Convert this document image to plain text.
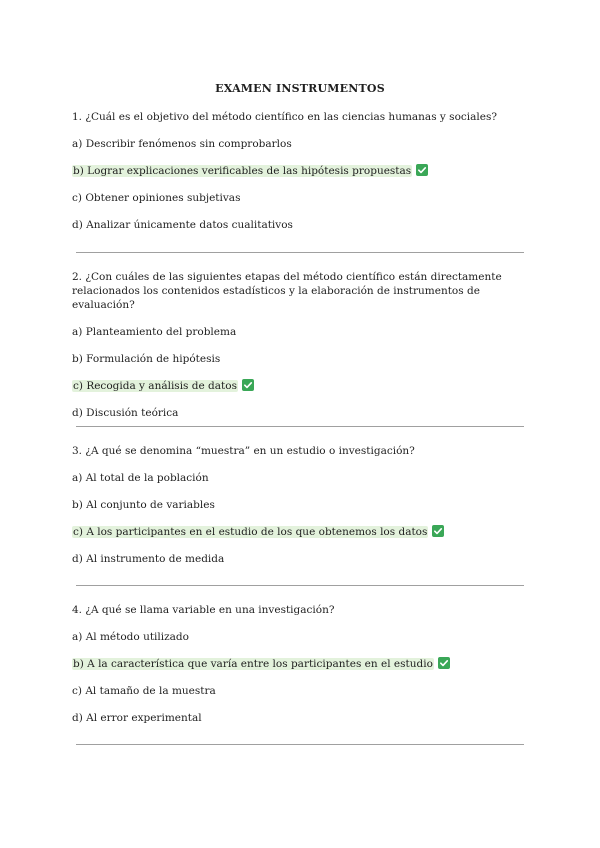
EXAMEN INSTRUMENTOS

1. ¿Cuál es el objetivo del método científico en las ciencias humanas y sociales?

a) Describir fenómenos sin comprobarlos
b) Lograr explicaciones verificables de las hipótesis propuestas
c) Obtener opiniones subjetivas
d) Analizar únicamente datos cualitativos

2. ¿Con cuáles de las siguientes etapas del método científico están directamente relacionados los contenidos estadísticos y la elaboración de instrumentos de evaluación?

a) Planteamiento del problema
b) Formulación de hipótesis
c) Recogida y análisis de datos
d) Discusión teórica

3. ¿A qué se denomina “muestra” en un estudio o investigación?

a) Al total de la población
b) Al conjunto de variables
c) A los participantes en el estudio de los que obtenemos los datos
d) Al instrumento de medida

4. ¿A qué se llama variable en una investigación?

a) Al método utilizado
b) A la característica que varía entre los participantes en el estudio
c) Al tamaño de la muestra
d) Al error experimental
